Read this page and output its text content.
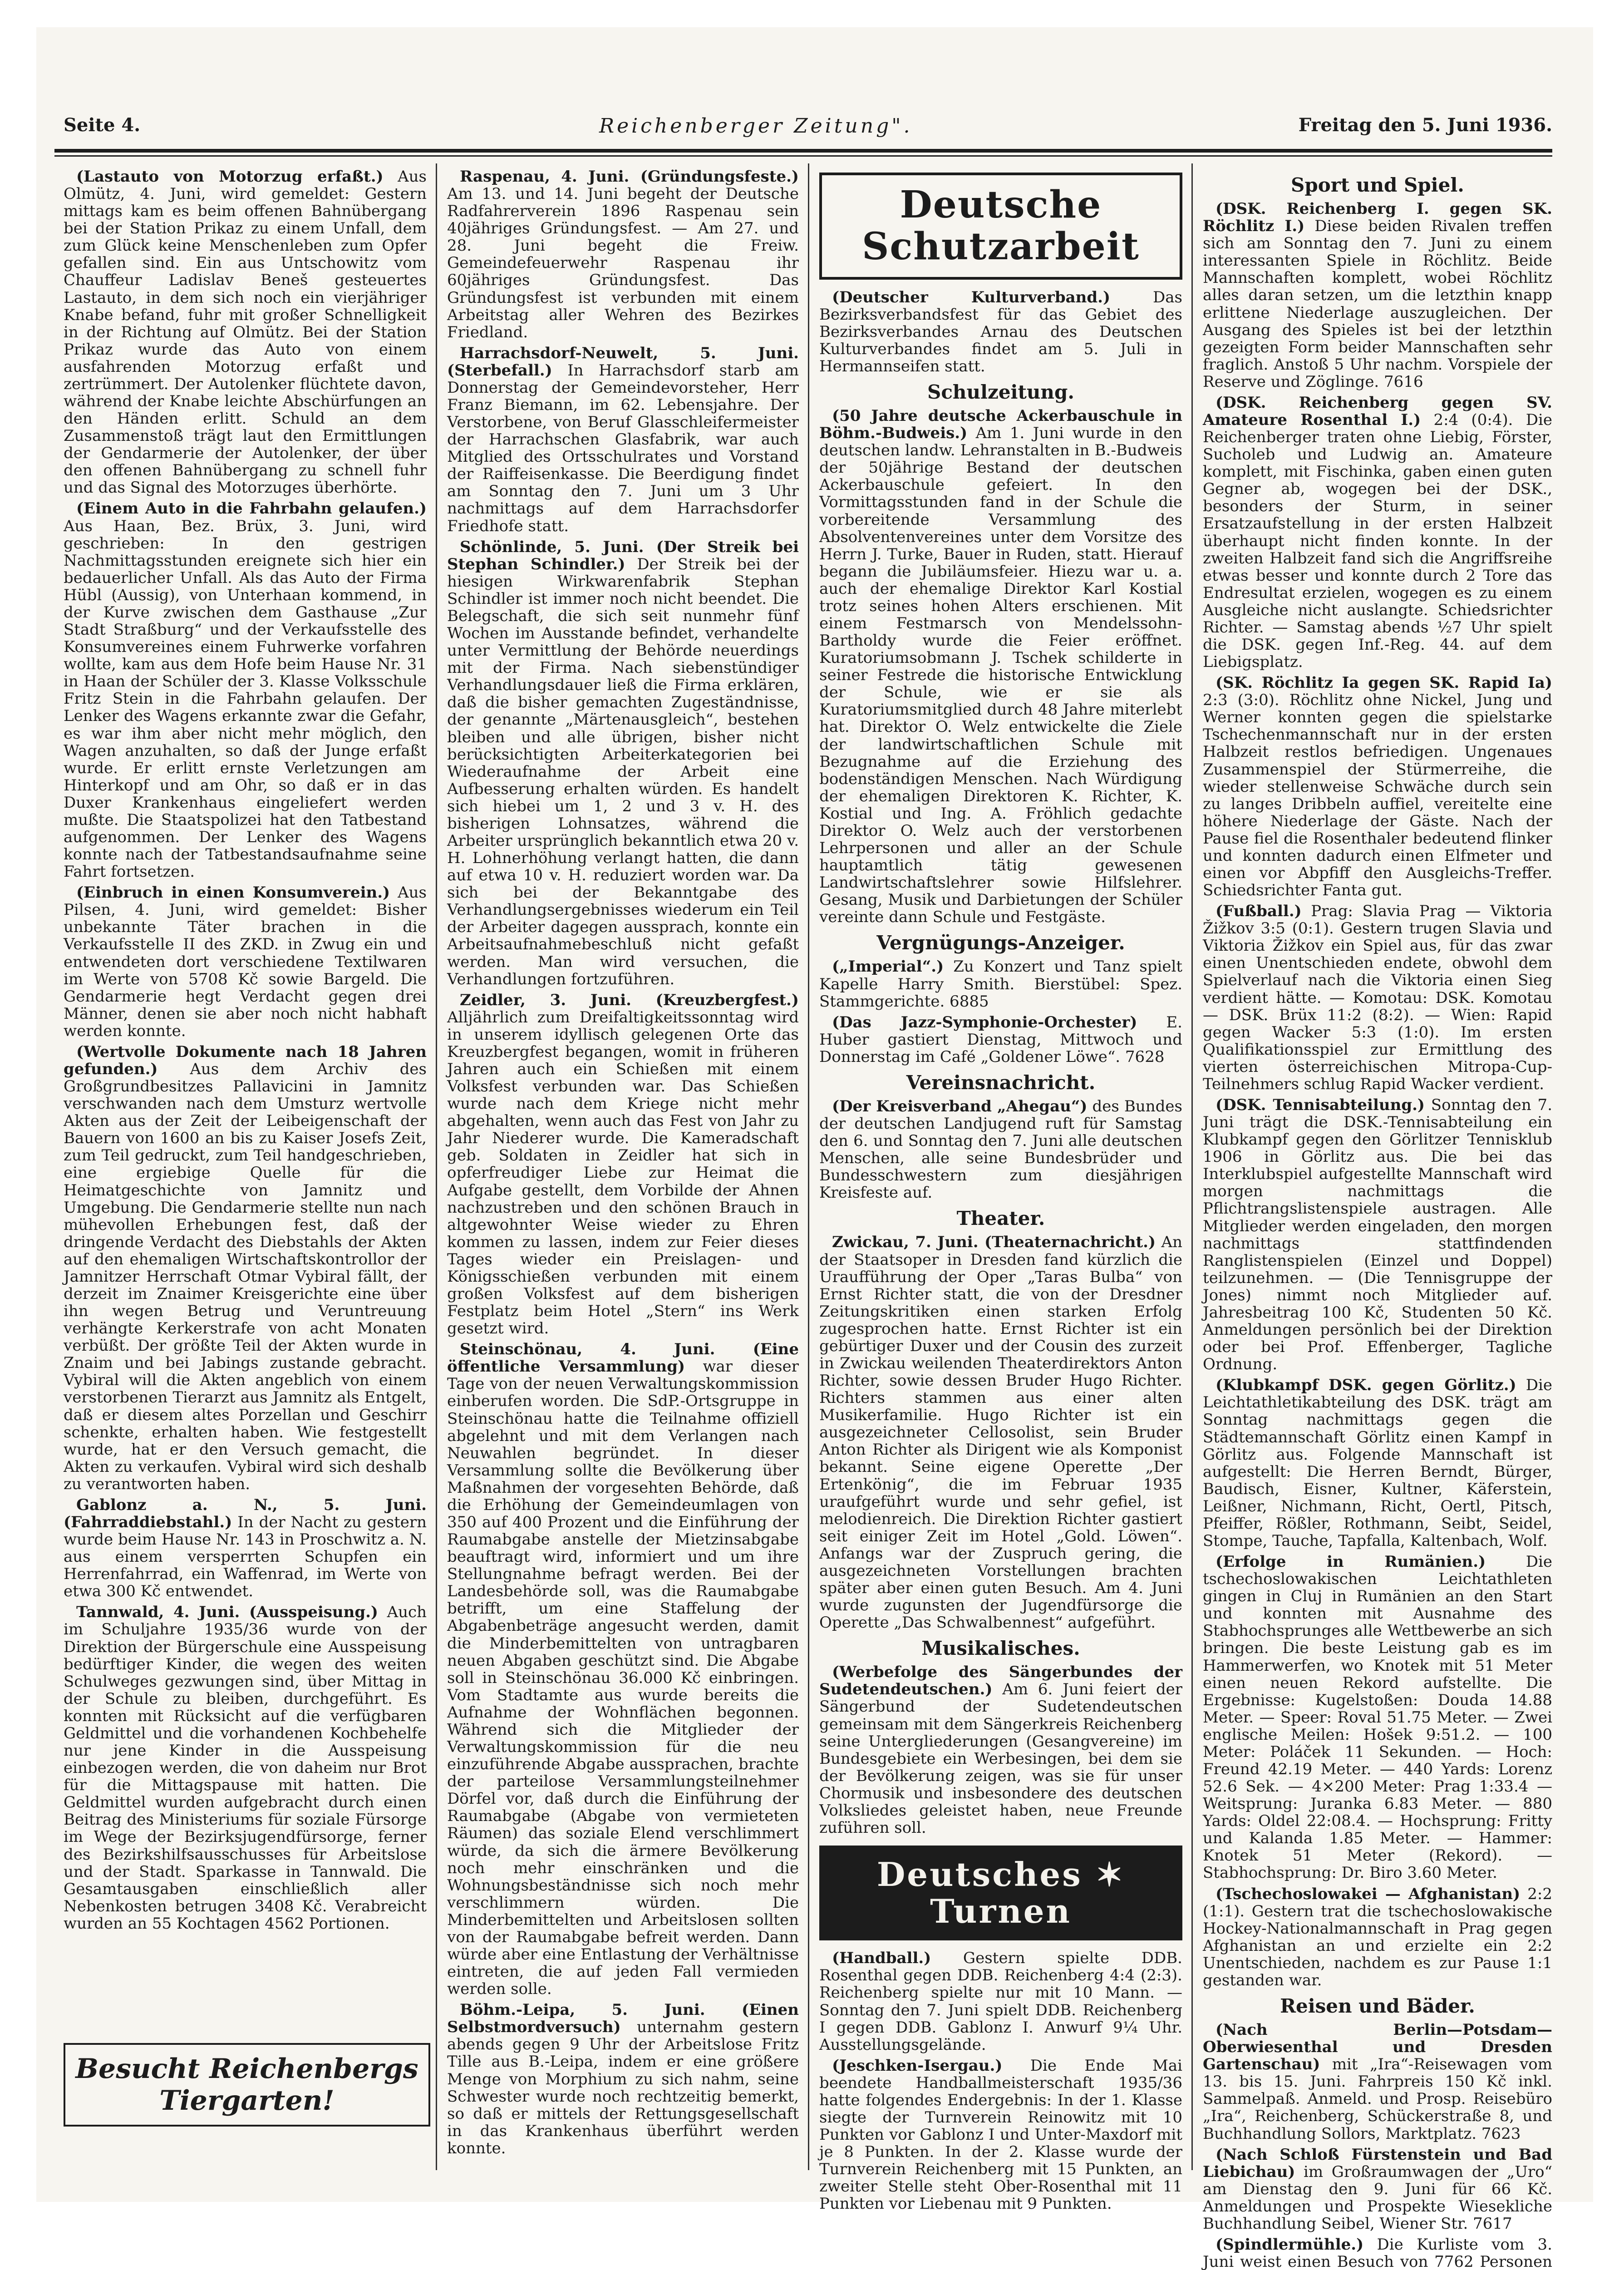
Seite 4.	Reichenberger Zeitung".	Freitag den 5. Juni 1936.

(Lastauto von Motorzug erfaßt.) Aus Olmütz, 4. Juni, wird gemeldet: Gestern mittags kam es beim offenen Bahnübergang bei der Station Prikaz zu einem Unfall, dem zum Glück keine Menschenleben zum Opfer gefallen sind. Ein aus Untschowitz vom Chauffeur Ladislav Beneš gesteuertes Lastauto, in dem sich noch ein vierjähriger Knabe befand, fuhr mit großer Schnelligkeit in der Richtung auf Olmütz. Bei der Station Prikaz wurde das Auto von einem ausfahrenden Motorzug erfaßt und zertrümmert. Der Autolenker flüchtete davon, während der Knabe leichte Abschürfungen an den Händen erlitt. Schuld an dem Zusammenstoß trägt laut den Ermittlungen der Gendarmerie der Autolenker, der über den offenen Bahnübergang zu schnell fuhr und das Signal des Motorzuges überhörte.

(Einem Auto in die Fahrbahn gelaufen.) Aus Haan, Bez. Brüx, 3. Juni, wird geschrieben: In den gestrigen Nachmittagsstunden ereignete sich hier ein bedauerlicher Unfall. Als das Auto der Firma Hübl (Aussig), von Unterhaan kommend, in der Kurve zwischen dem Gasthause „Zur Stadt Straßburg“ und der Verkaufsstelle des Konsumvereines einem Fuhrwerke vorfahren wollte, kam aus dem Hofe beim Hause Nr. 31 in Haan der Schüler der 3. Klasse Volksschule Fritz Stein in die Fahrbahn gelaufen. Der Lenker des Wagens erkannte zwar die Gefahr, es war ihm aber nicht mehr möglich, den Wagen anzuhalten, so daß der Junge erfaßt wurde. Er erlitt ernste Verletzungen am Hinterkopf und am Ohr, so daß er in das Duxer Krankenhaus eingeliefert werden mußte. Die Staatspolizei hat den Tatbestand aufgenommen. Der Lenker des Wagens konnte nach der Tatbestandsaufnahme seine Fahrt fortsetzen.

(Einbruch in einen Konsumverein.) Aus Pilsen, 4. Juni, wird gemeldet: Bisher unbekannte Täter brachen in die Verkaufsstelle II des ZKD. in Zwug ein und entwendeten dort verschiedene Textilwaren im Werte von 5708 Kč sowie Bargeld. Die Gendarmerie hegt Verdacht gegen drei Männer, denen sie aber noch nicht habhaft werden konnte.

(Wertvolle Dokumente nach 18 Jahren gefunden.) Aus dem Archiv des Großgrundbesitzes Pallavicini in Jamnitz verschwanden nach dem Umsturz wertvolle Akten aus der Zeit der Leibeigenschaft der Bauern von 1600 an bis zu Kaiser Josefs Zeit, zum Teil gedruckt, zum Teil handgeschrieben, eine ergiebige Quelle für die Heimatgeschichte von Jamnitz und Umgebung. Die Gendarmerie stellte nun nach mühevollen Erhebungen fest, daß der dringende Verdacht des Diebstahls der Akten auf den ehemaligen Wirtschaftskontrollor der Jamnitzer Herrschaft Otmar Vybiral fällt, der derzeit im Znaimer Kreisgerichte eine über ihn wegen Betrug und Veruntreuung verhängte Kerkerstrafe von acht Monaten verbüßt. Der größte Teil der Akten wurde in Znaim und bei Jabings zustande gebracht. Vybiral will die Akten angeblich von einem verstorbenen Tierarzt aus Jamnitz als Entgelt, daß er diesem altes Porzellan und Geschirr schenkte, erhalten haben. Wie festgestellt wurde, hat er den Versuch gemacht, die Akten zu verkaufen. Vybiral wird sich deshalb zu verantworten haben.

Gablonz a. N., 5. Juni. (Fahrraddiebstahl.) In der Nacht zu gestern wurde beim Hause Nr. 143 in Proschwitz a. N. aus einem versperrten Schupfen ein Herrenfahrrad, ein Waffenrad, im Werte von etwa 300 Kč entwendet.

Tannwald, 4. Juni. (Ausspeisung.) Auch im Schuljahre 1935/36 wurde von der Direktion der Bürgerschule eine Ausspeisung bedürftiger Kinder, die wegen des weiten Schulweges gezwungen sind, über Mittag in der Schule zu bleiben, durchgeführt. Es konnten mit Rücksicht auf die verfügbaren Geldmittel und die vorhandenen Kochbehelfe nur jene Kinder in die Ausspeisung einbezogen werden, die von daheim nur Brot für die Mittagspause mit hatten. Die Geldmittel wurden aufgebracht durch einen Beitrag des Ministeriums für soziale Fürsorge im Wege der Bezirksjugendfürsorge, ferner des Bezirkshilfsausschusses für Arbeitslose und der Stadt. Sparkasse in Tannwald. Die Gesamtausgaben einschließlich aller Nebenkosten betrugen 3408 Kč. Verabreicht wurden an 55 Kochtagen 4562 Portionen.

Besucht Reichenbergs Tiergarten!

Raspenau, 4. Juni. (Gründungsfeste.) Am 13. und 14. Juni begeht der Deutsche Radfahrerverein 1896 Raspenau sein 40jähriges Gründungsfest. — Am 27. und 28. Juni begeht die Freiw. Gemeindefeuerwehr Raspenau ihr 60jähriges Gründungsfest. Das Gründungsfest ist verbunden mit einem Arbeitstag aller Wehren des Bezirkes Friedland.

Harrachsdorf-Neuwelt, 5. Juni. (Sterbefall.) In Harrachsdorf starb am Donnerstag der Gemeindevorsteher, Herr Franz Biemann, im 62. Lebensjahre. Der Verstorbene, von Beruf Glasschleifermeister der Harrachschen Glasfabrik, war auch Mitglied des Ortsschulrates und Vorstand der Raiffeisenkasse. Die Beerdigung findet am Sonntag den 7. Juni um 3 Uhr nachmittags auf dem Harrachsdorfer Friedhofe statt.

Schönlinde, 5. Juni. (Der Streik bei Stephan Schindler.) Der Streik bei der hiesigen Wirkwarenfabrik Stephan Schindler ist immer noch nicht beendet. Die Belegschaft, die sich seit nunmehr fünf Wochen im Ausstande befindet, verhandelte unter Vermittlung der Behörde neuerdings mit der Firma. Nach siebenstündiger Verhandlungsdauer ließ die Firma erklären, daß die bisher gemachten Zugeständnisse, der genannte „Märtenausgleich“, bestehen bleiben und alle übrigen, bisher nicht berücksichtigten Arbeiterkategorien bei Wiederaufnahme der Arbeit eine Aufbesserung erhalten würden. Es handelt sich hiebei um 1, 2 und 3 v. H. des bisherigen Lohnsatzes, während die Arbeiter ursprünglich bekanntlich etwa 20 v. H. Lohnerhöhung verlangt hatten, die dann auf etwa 10 v. H. reduziert worden war. Da sich bei der Bekanntgabe des Verhandlungsergebnisses wiederum ein Teil der Arbeiter dagegen aussprach, konnte ein Arbeitsaufnahmebeschluß nicht gefaßt werden. Man wird versuchen, die Verhandlungen fortzuführen.

Zeidler, 3. Juni. (Kreuzbergfest.) Alljährlich zum Dreifaltigkeitssonntag wird in unserem idyllisch gelegenen Orte das Kreuzbergfest begangen, womit in früheren Jahren auch ein Schießen mit einem Volksfest verbunden war. Das Schießen wurde nach dem Kriege nicht mehr abgehalten, wenn auch das Fest von Jahr zu Jahr Niederer wurde. Die Kameradschaft geb. Soldaten in Zeidler hat sich in opferfreudiger Liebe zur Heimat die Aufgabe gestellt, dem Vorbilde der Ahnen nachzustreben und den schönen Brauch in altgewohnter Weise wieder zu Ehren kommen zu lassen, indem zur Feier dieses Tages wieder ein Preislagen- und Königsschießen verbunden mit einem großen Volksfest auf dem bisherigen Festplatz beim Hotel „Stern“ ins Werk gesetzt wird.

Steinschönau, 4. Juni. (Eine öffentliche Versammlung) war dieser Tage von der neuen Verwaltungskommission einberufen worden. Die SdP.-Ortsgruppe in Steinschönau hatte die Teilnahme offiziell abgelehnt und mit dem Verlangen nach Neuwahlen begründet. In dieser Versammlung sollte die Bevölkerung über Maßnahmen der vorgesehten Behörde, daß die Erhöhung der Gemeindeumlagen von 350 auf 400 Prozent und die Einführung der Raumabgabe anstelle der Mietzinsabgabe beauftragt wird, informiert und um ihre Stellungnahme befragt werden. Bei der Landesbehörde soll, was die Raumabgabe betrifft, um eine Staffelung der Abgabenbeträge angesucht werden, damit die Minderbemittelten von untragbaren neuen Abgaben geschützt sind. Die Abgabe soll in Steinschönau 36.000 Kč einbringen. Vom Stadtamte aus wurde bereits die Aufnahme der Wohnflächen begonnen. Während sich die Mitglieder der Verwaltungskommission für die neu einzuführende Abgabe aussprachen, brachte der parteilose Versammlungsteilnehmer Dörfel vor, daß durch die Einführung der Raumabgabe (Abgabe von vermieteten Räumen) das soziale Elend verschlimmert würde, da sich die ärmere Bevölkerung noch mehr einschränken und die Wohnungsbeständnisse sich noch mehr verschlimmern würden. Die Minderbemittelten und Arbeitslosen sollten von der Raumabgabe befreit werden. Dann würde aber eine Entlastung der Verhältnisse eintreten, die auf jeden Fall vermieden werden solle.

Böhm.-Leipa, 5. Juni. (Einen Selbstmordversuch) unternahm gestern abends gegen 9 Uhr der Arbeitslose Fritz Tille aus B.-Leipa, indem er eine größere Menge von Morphium zu sich nahm, seine Schwester wurde noch rechtzeitig bemerkt, so daß er mittels der Rettungsgesellschaft in das Krankenhaus überführt werden konnte.

Deutsche Schutzarbeit

(Deutscher Kulturverband.)	Das Bezirksverbandsfest für das Gebiet des Bezirksverbandes Arnau des Deutschen Kulturverbandes findet am 5. Juli in Hermannseifen statt.

Schulzeitung.

(50 Jahre deutsche Ackerbauschule in Böhm.-Budweis.) Am 1. Juni wurde in den deutschen landw. Lehranstalten in B.-Budweis der 50jährige Bestand der deutschen Ackerbauschule gefeiert. In den Vormittagsstunden fand in der Schule die vorbereitende Versammlung des Absolventenvereines unter dem Vorsitze des Herrn J. Turke, Bauer in Ruden, statt. Hierauf begann die Jubiläumsfeier. Hiezu war u. a. auch der ehemalige Direktor Karl Kostial trotz seines hohen Alters erschienen. Mit einem Festmarsch von Mendelssohn-Bartholdy wurde die Feier eröffnet. Kuratoriumsobmann J. Tschek schilderte in seiner Festrede die historische Entwicklung der Schule, wie er sie als Kuratoriumsmitglied durch 48 Jahre miterlebt hat. Direktor O. Welz entwickelte die Ziele der landwirtschaftlichen Schule mit Bezugnahme auf die Erziehung des bodenständigen Menschen. Nach Würdigung der ehemaligen Direktoren K. Richter, K. Kostial und Ing. A. Fröhlich gedachte Direktor O. Welz auch der verstorbenen Lehrpersonen und aller an der Schule hauptamtlich tätig gewesenen Landwirtschaftslehrer sowie Hilfslehrer. Gesang, Musik und Darbietungen der Schüler vereinte dann Schule und Festgäste.

Vergnügungs-Anzeiger.

(„Imperial“.) Zu Konzert und Tanz spielt Kapelle Harry Smith. Bierstübel: Spez. Stammgerichte. 6885

(Das Jazz-Symphonie-Orchester) E. Huber gastiert Dienstag, Mittwoch und Donnerstag im Café „Goldener Löwe“. 7628

Vereinsnachricht.

(Der Kreisverband „Ahegau“) des Bundes der deutschen Landjugend ruft für Samstag den 6. und Sonntag den 7. Juni alle deutschen Menschen, alle seine Bundesbrüder und Bundesschwestern zum diesjährigen Kreisfeste auf.

Theater.

Zwickau, 7. Juni. (Theaternachricht.) An der Staatsoper in Dresden fand kürzlich die Uraufführung der Oper „Taras Bulba“ von Ernst Richter statt, die von der Dresdner Zeitungskritiken einen starken Erfolg zugesprochen hatte. Ernst Richter ist ein gebürtiger Duxer und der Cousin des zurzeit in Zwickau weilenden Theaterdirektors Anton Richter, sowie dessen Bruder Hugo Richter. Richters stammen aus einer alten Musikerfamilie. Hugo Richter ist ein ausgezeichneter Cellosolist, sein Bruder Anton Richter als Dirigent wie als Komponist bekannt. Seine eigene Operette „Der Ertenkönig“, die im Februar 1935 uraufgeführt wurde und sehr gefiel, ist melodienreich. Die Direktion Richter gastiert seit einiger Zeit im Hotel „Gold. Löwen“. Anfangs war der Zuspruch gering, die ausgezeichneten Vorstellungen brachten später aber einen guten Besuch. Am 4. Juni wurde zugunsten der Jugendfürsorge die Operette „Das Schwalbennest“ aufgeführt.

Musikalisches.

(Werbefolge des Sängerbundes der Sudetendeutschen.) Am 6. Juni feiert der Sängerbund der Sudetendeutschen gemeinsam mit dem Sängerkreis Reichenberg seine Untergliederungen (Gesangvereine) im Bundesgebiete ein Werbesingen, bei dem sie der Bevölkerung zeigen, was sie für unser Chormusik und insbesondere des deutschen Volksliedes geleistet haben, neue Freunde zuführen soll.

Deutsches ✶ Turnen

(Handball.) Gestern spielte DDB. Rosenthal gegen DDB. Reichenberg 4:4 (2:3). Reichenberg spielte nur mit 10 Mann. — Sonntag den 7. Juni spielt DDB. Reichenberg I gegen DDB. Gablonz I. Anwurf 9¼ Uhr. Ausstellungsgelände.

(Jeschken-Isergau.) Die Ende Mai beendete Handballmeisterschaft 1935/36 hatte folgendes Endergebnis: In der 1. Klasse siegte der Turnverein Reinowitz mit 10 Punkten vor Gablonz I und Unter-Maxdorf mit je 8 Punkten. In der 2. Klasse wurde der Turnverein Reichenberg mit 15 Punkten, an zweiter Stelle steht Ober-Rosenthal mit 11 Punkten vor Liebenau mit 9 Punkten.

Sport und Spiel.

(DSK. Reichenberg I. gegen SK. Röchlitz I.) Diese beiden Rivalen treffen sich am Sonntag den 7. Juni zu einem interessanten Spiele in Röchlitz. Beide Mannschaften komplett, wobei Röchlitz alles daran setzen, um die letzthin knapp erlittene Niederlage auszugleichen. Der Ausgang des Spieles ist bei der letzthin gezeigten Form beider Mannschaften sehr fraglich. Anstoß 5 Uhr nachm. Vorspiele der Reserve und Zöglinge. 7616

(DSK. Reichenberg gegen SV. Amateure Rosenthal I.) 2:4 (0:4). Die Reichenberger traten ohne Liebig, Förster, Sucholeb und Ludwig an. Amateure komplett, mit Fischinka, gaben einen guten Gegner ab, wogegen bei der DSK., besonders der Sturm, in seiner Ersatzaufstellung in der ersten Halbzeit überhaupt nicht finden konnte. In der zweiten Halbzeit fand sich die Angriffsreihe etwas besser und konnte durch 2 Tore das Endresultat erzielen, wogegen es zu einem Ausgleiche nicht auslangte. Schiedsrichter Richter. — Samstag abends ½7 Uhr spielt die DSK. gegen Inf.-Reg. 44. auf dem Liebigsplatz.

(SK. Röchlitz Ia gegen SK. Rapid Ia) 2:3 (3:0). Röchlitz ohne Nickel, Jung und Werner konnten gegen die spielstarke Tschechenmannschaft nur in der ersten Halbzeit restlos befriedigen. Ungenaues Zusammenspiel der Stürmerreihe, die wieder stellenweise Schwäche durch sein zu langes Dribbeln auffiel, vereitelte eine höhere Niederlage der Gäste. Nach der Pause fiel die Rosenthaler bedeutend flinker und konnten dadurch einen Elfmeter und einen vor Abpfiff den Ausgleichs-Treffer. Schiedsrichter Fanta gut.

(Fußball.) Prag: Slavia Prag — Viktoria Žižkov 3:5 (0:1). Gestern trugen Slavia und Viktoria Žižkov ein Spiel aus, für das zwar einen Unentschieden endete, obwohl dem Spielverlauf nach die Viktoria einen Sieg verdient hätte. — Komotau: DSK. Komotau — DSK. Brüx 11:2 (8:2). — Wien: Rapid gegen Wacker 5:3 (1:0). Im ersten Qualifikationsspiel zur Ermittlung des vierten österreichischen Mitropa-Cup-Teilnehmers schlug Rapid Wacker verdient.

(DSK. Tennisabteilung.) Sonntag den 7. Juni trägt die DSK.-Tennisabteilung ein Klubkampf gegen den Görlitzer Tennisklub 1906 in Görlitz aus. Die bei das Interklubspiel aufgestellte Mannschaft wird morgen nachmittags die Pflichtrangslistenspiele austragen. Alle Mitglieder werden eingeladen, den morgen nachmittags stattfindenden Ranglistenspielen (Einzel und Doppel) teilzunehmen. — (Die Tennisgruppe der Jones) nimmt noch Mitglieder auf. Jahresbeitrag 100 Kč, Studenten 50 Kč. Anmeldungen persönlich bei der Direktion oder bei Prof. Effenberger, Tagliche Ordnung.

(Klubkampf DSK. gegen Görlitz.) Die Leichtathletikabteilung des DSK. trägt am Sonntag nachmittags gegen die Städtemannschaft Görlitz einen Kampf in Görlitz aus. Folgende Mannschaft ist aufgestellt: Die Herren Berndt, Bürger, Baudisch, Eisner, Kultner, Käferstein, Leißner, Nichmann, Richt, Oertl, Pitsch, Pfeiffer, Rößler, Rothmann, Seibt, Seidel, Stompe, Tauche, Tapfalla, Kaltenbach, Wolf.

(Erfolge in Rumänien.)	Die tschechoslowakischen Leichtathleten gingen in Cluj in Rumänien an den Start und konnten mit Ausnahme des Stabhochsprunges alle Wettbewerbe an sich bringen. Die beste Leistung gab es im Hammerwerfen, wo Knotek mit 51 Meter einen neuen Rekord aufstellte. Die Ergebnisse: Kugelstoßen: Douda 14.88 Meter. — Speer: Roval 51.75 Meter. — Zwei englische Meilen: Hošek 9:51.2. — 100 Meter: Poláček 11 Sekunden. — Hoch: Freund 42.19 Meter. — 440 Yards: Lorenz 52.6 Sek. — 4×200 Meter: Prag 1:33.4 — Weitsprung: Juranka 6.83 Meter. — 880 Yards: Oldel 22:08.4. — Hochsprung: Fritty und Kalanda 1.85 Meter. — Hammer: Knotek 51 Meter (Rekord). — Stabhochsprung: Dr. Biro 3.60 Meter.

(Tschechoslowakei — Afghanistan) 2:2 (1:1). Gestern trat die tschechoslowakische Hockey-Nationalmannschaft in Prag gegen Afghanistan an und erzielte ein 2:2 Unentschieden, nachdem es zur Pause 1:1 gestanden war.

Reisen und Bäder.

(Nach Berlin—Potsdam—Oberwiesenthal und Dresden Gartenschau) mit „Ira“-Reisewagen vom 13. bis 15. Juni. Fahrpreis 150 Kč inkl. Sammelpaß. Anmeld. und Prosp. Reisebüro „Ira“, Reichenberg, Schückerstraße 8, und Buchhandlung Sollors, Marktplatz. 7623

(Nach Schloß Fürstenstein und Bad Liebichau) im Großraumwagen der „Uro“ am Dienstag den 9. Juni für 66 Kč. Anmeldungen und Prospekte Wiesekliche Buchhandlung Seibel, Wiener Str. 7617

(Spindlermühle.) Die Kurliste vom 3. Juni weist einen Besuch von 7762 Personen
